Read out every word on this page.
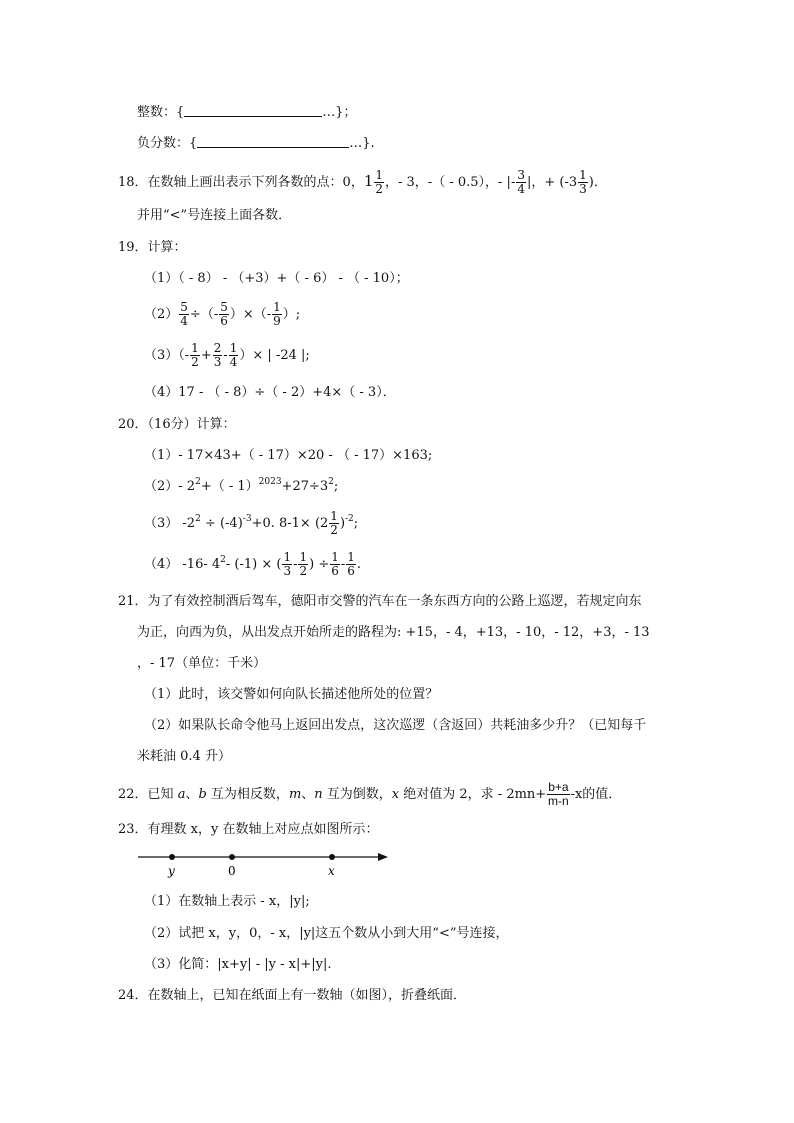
整数：{	…}；
负分数：{	…}.
18．在数轴上画出表示下列各数的点：0，$1 \frac{1}{2}$ ，- 3，-（ - 0.5），- |- $\frac{3}{4}$ |，+ ($-3 \frac{1}{3}$ )．
并用“<”号连接上面各数．
19．计算：
（1）（ - 8） - （+3）+（ - 6） - （ - 10）；
$(2) \frac{5}{4}$ ÷（- $\frac{5}{6}$ ）×（- $\frac{1}{9}$ ）;
$(3)(- \frac{1}{2} + \frac{2}{3} - \frac{1}{4}$ ）× | -24 |;
（4）17 - （ - 8）÷（ - 2）+4×（ - 3）．
20．（16分）计算：
（1）- 17×43+（ - 17）×20 - （ - 17）×163;
（2）- $2^2+( - 1)^{2023}+27\div 3^2$;
（3） $-2^2 \div (-4)^{-3}+0$. $8-1\times (2 \frac{1}{2} )^{-2}$;
（4） -16- $4^2-$ (-1) × ( $\frac{1}{3} - \frac{1}{2}$ ) ÷ $\frac{1}{6} - \frac{1}{6}$ .
21．为了有效控制酒后驾车，德阳市交警的汽车在一条东西方向的公路上巡逻，若规定向东
为正，向西为负，从出发点开始所走的路程为: +15，- 4，+13，- 10，- 12，+3，- 13
，- 17（单位：千米）
（1）此时，该交警如何向队长描述他所处的位置？
（2）如果队长命令他马上返回出发点，这次巡逻（含返回）共耗油多少升？（已知每千
米耗油 0.4 升）
22．已知 a、b 互为相反数，m、n 互为倒数，x 绝对值为 2，求 - $2mn+ \frac{b+a}{m-n} -x$的值．
23．有理数 x，y 在数轴上对应点如图所示：
y	0	x
（1）在数轴上表示 - x，|y|;
（2）试把 x，y，0，- x，|y|这五个数从小到大用“<”号连接，
（3）化简：|x+y| - |y - x|+|y|.
24．在数轴上，已知在纸面上有一数轴（如图），折叠纸面．
